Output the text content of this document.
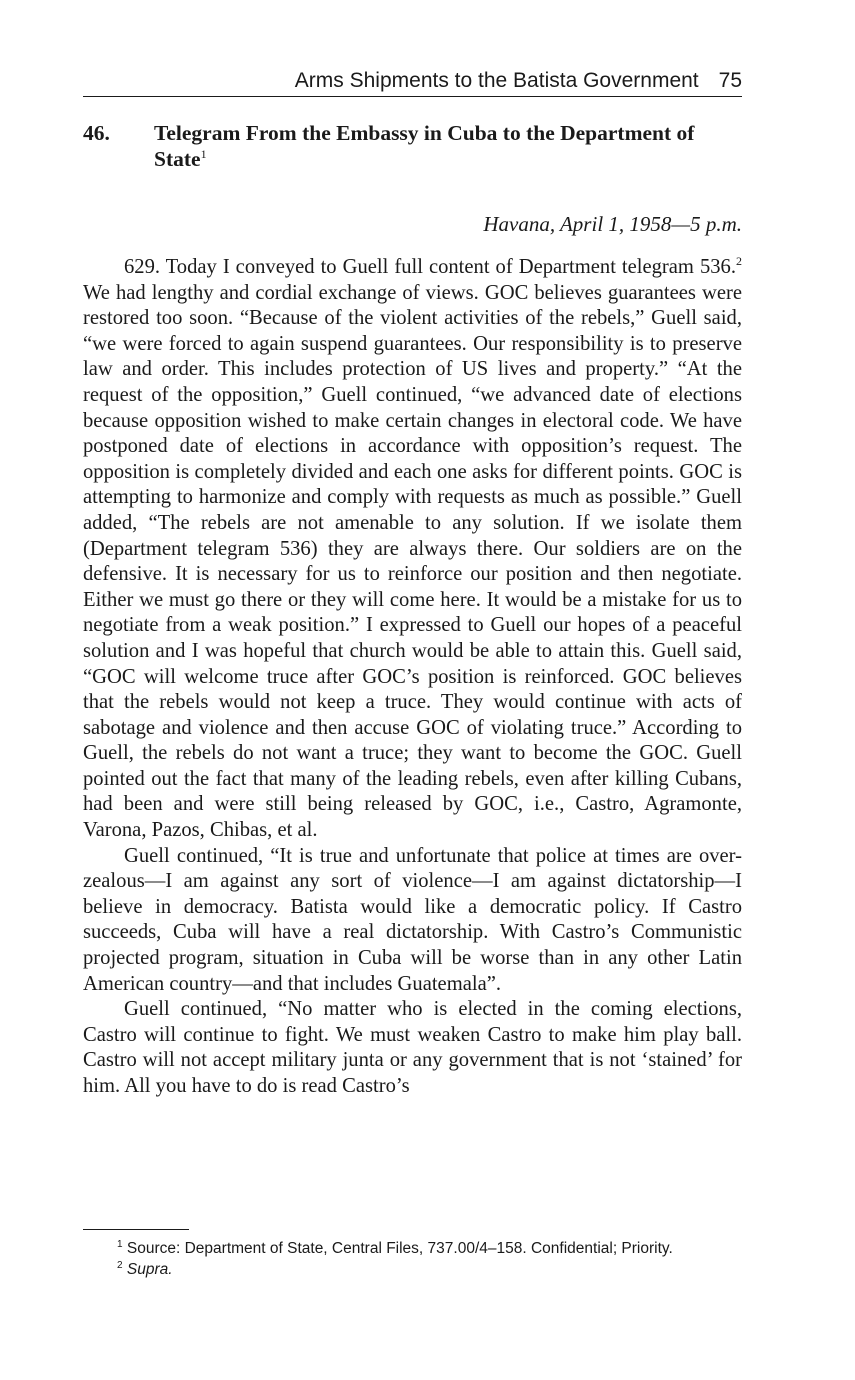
Arms Shipments to the Batista Government 75
46. Telegram From the Embassy in Cuba to the Department of State$^1$
Havana, April 1, 1958—5 p.m.

629. Today I conveyed to Guell full content of Department telegram 536.$^2$ We had lengthy and cordial exchange of views. GOC believes guarantees were restored too soon. “Because of the violent activities of the rebels,” Guell said, “we were forced to again suspend guarantees. Our responsibility is to preserve law and order. This includes protection of US lives and property.” “At the request of the opposition,” Guell continued, “we advanced date of elections because opposition wished to make certain changes in electoral code. We have postponed date of elections in accordance with opposition’s request. The opposition is completely divided and each one asks for different points. GOC is attempting to harmonize and comply with requests as much as possible.” Guell added, “The rebels are not amenable to any solution. If we isolate them (Department telegram 536) they are always there. Our soldiers are on the defensive. It is necessary for us to reinforce our position and then negotiate. Either we must go there or they will come here. It would be a mistake for us to negotiate from a weak position.” I expressed to Guell our hopes of a peaceful solution and I was hopeful that church would be able to attain this. Guell said, “GOC will welcome truce after GOC’s position is reinforced. GOC believes that the rebels would not keep a truce. They would continue with acts of sabotage and violence and then accuse GOC of violating truce.” According to Guell, the rebels do not want a truce; they want to become the GOC. Guell pointed out the fact that many of the leading rebels, even after killing Cubans, had been and were still being released by GOC, i.e., Castro, Agramonte, Varona, Pazos, Chibas, et al.

Guell continued, “It is true and unfortunate that police at times are over-zealous—I am against any sort of violence—I am against dictatorship—I believe in democracy. Batista would like a democratic policy. If Castro succeeds, Cuba will have a real dictatorship. With Castro’s Communistic projected program, situation in Cuba will be worse than in any other Latin American country—and that includes Guatemala”.

Guell continued, “No matter who is elected in the coming elections, Castro will continue to fight. We must weaken Castro to make him play ball. Castro will not accept military junta or any government that is not ‘stained’ for him. All you have to do is read Castro’s

$^1$ Source: Department of State, Central Files, 737.00/4–158. Confidential; Priority.
$^2$ Supra.
